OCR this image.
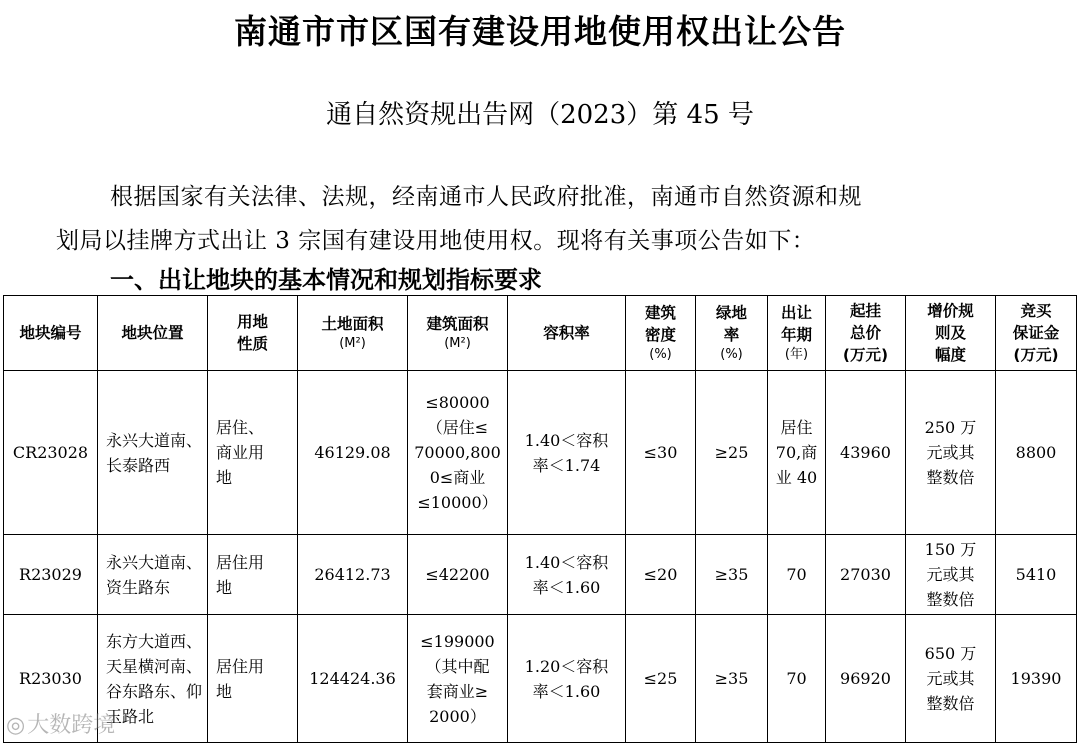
南通市市区国有建设用地使用权出让公告
通自然资规出告网（2023）第 45 号
根据国家有关法律、法规，经南通市人民政府批准，南通市自然资源和规
划局以挂牌方式出让 3 宗国有建设用地使用权。现将有关事项公告如下：
一、出让地块的基本情况和规划指标要求
地块编号	地块位置	用地
性质	土地面积
(M²)	建筑面积
(M²)	容积率	建筑
密度
(%)	绿地
率
(%)	出让
年期
(年)	起挂
总价
(万元)	增价规
则及
幅度	竞买
保证金
(万元)

CR23028	永兴大道南、
长泰路西	居住、
商业用
地	46129.08	≤80000
（居住≤
70000,800
0≤商业
≤10000）	1.40＜容积
率＜1.74	≤30	≥25	居住
70,商
业 40	43960	250 万
元或其
整数倍	8800
R23029	永兴大道南、
资生路东	居住用
地	26412.73	≤42200	1.40＜容积
率＜1.60	≤20	≥35	70	27030	150 万
元或其
整数倍	5410
R23030	东方大道西、
天星横河南、
谷东路东、仰
玉路北	居住用
地	124424.36	≤199000
（其中配
套商业≥
2000）	1.20＜容积
率＜1.60	≤25	≥35	70	96920	650 万
元或其
整数倍	19390
◎大数跨境
